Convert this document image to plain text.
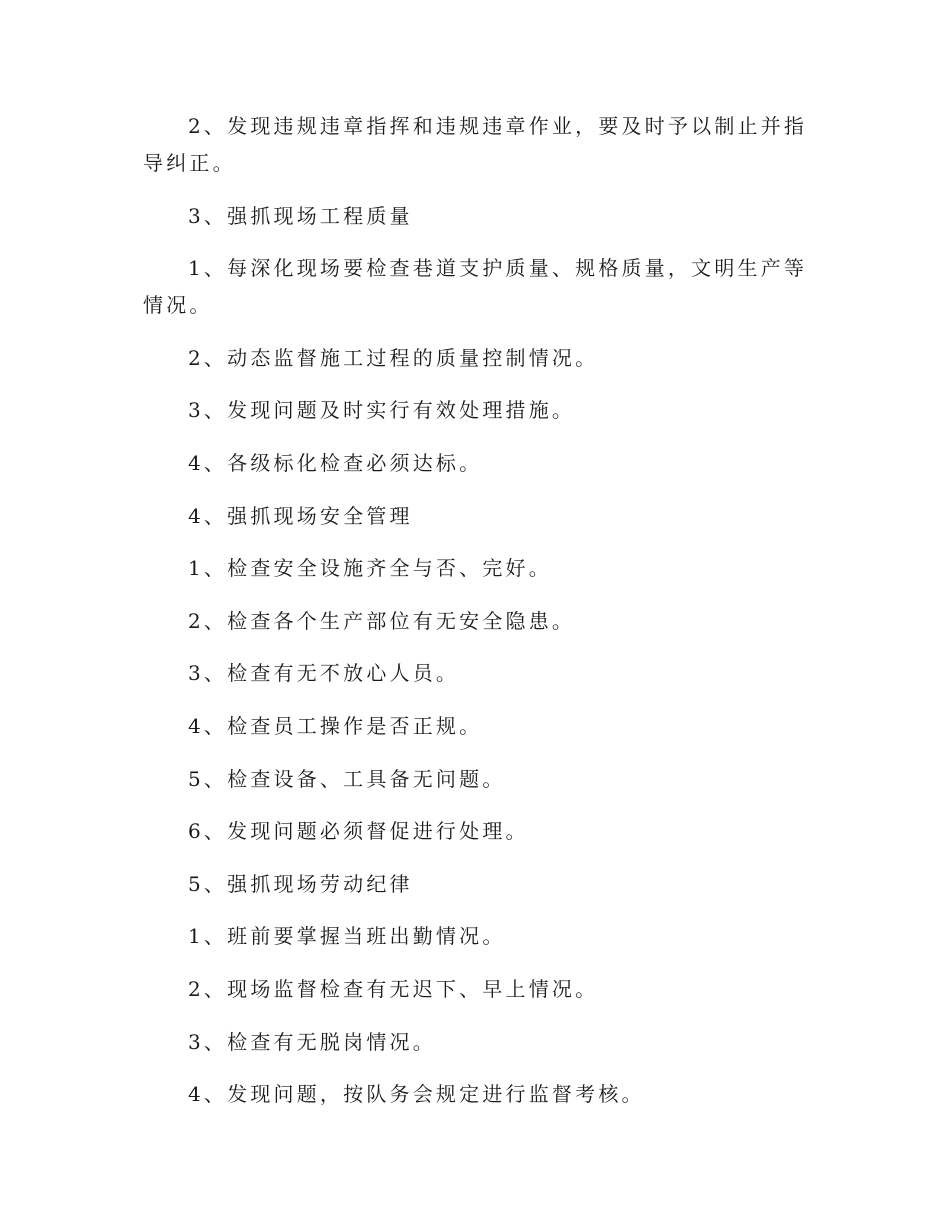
2、发现违规违章指挥和违规违章作业，要及时予以制止并指导纠正。

3、强抓现场工程质量

1、每深化现场要检查巷道支护质量、规格质量，文明生产等情况。

2、动态监督施工过程的质量控制情况。

3、发现问题及时实行有效处理措施。

4、各级标化检查必须达标。

4、强抓现场安全管理

1、检查安全设施齐全与否、完好。

2、检查各个生产部位有无安全隐患。

3、检查有无不放心人员。

4、检查员工操作是否正规。

5、检查设备、工具备无问题。

6、发现问题必须督促进行处理。

5、强抓现场劳动纪律

1、班前要掌握当班出勤情况。

2、现场监督检查有无迟下、早上情况。

3、检查有无脱岗情况。

4、发现问题，按队务会规定进行监督考核。
